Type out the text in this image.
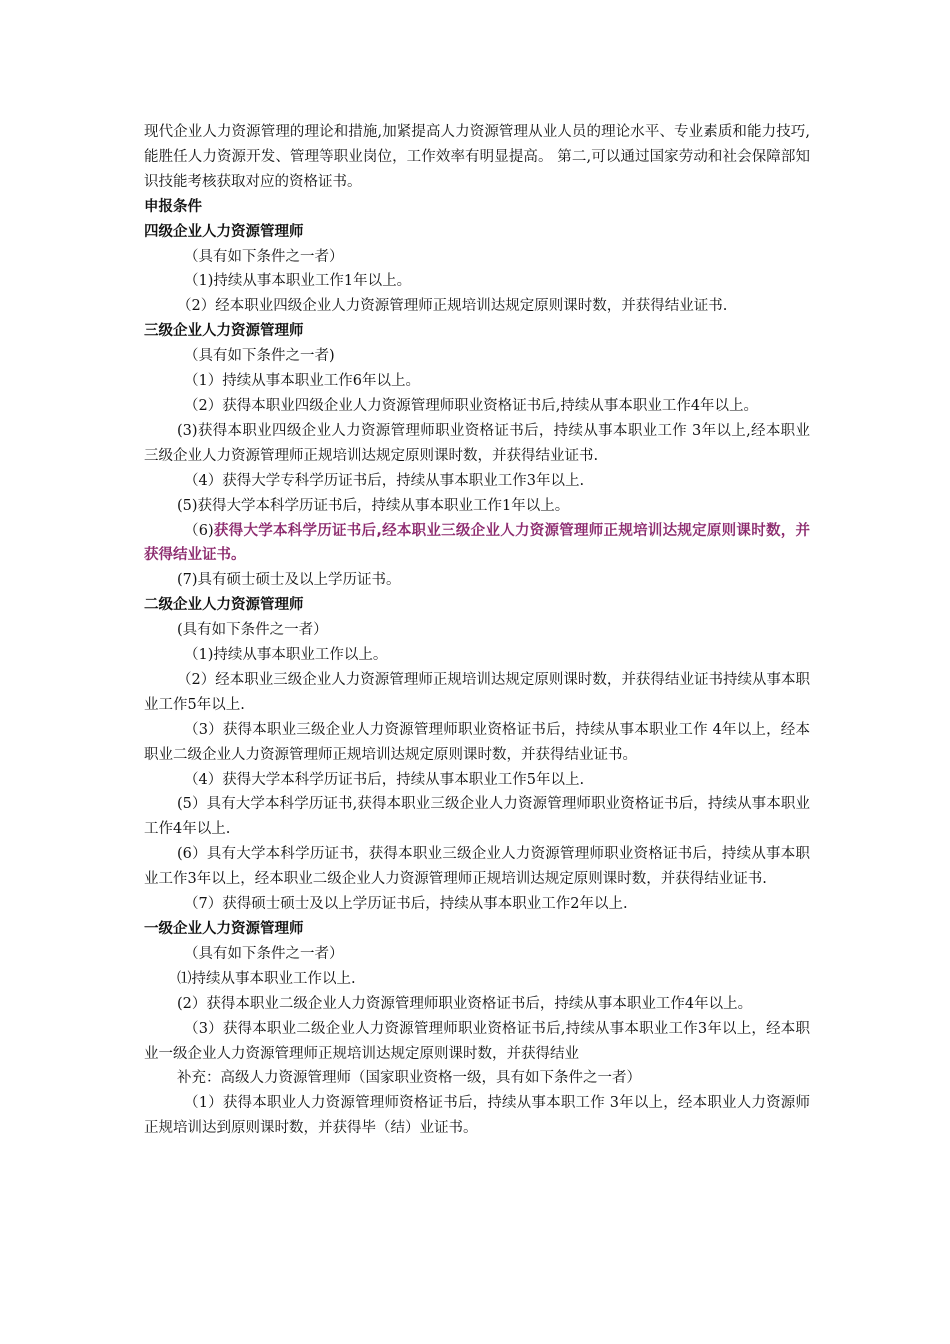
现代企业人力资源管理的理论和措施,加紧提高人力资源管理从业人员的理论水平、专业素质和能力技巧,能胜任人力资源开发、管理等职业岗位，工作效率有明显提高。 第二,可以通过国家劳动和社会保障部知识技能考核获取对应的资格证书。

申报条件

四级企业人力资源管理师

（具有如下条件之一者）

（1)持续从事本职业工作1年以上。

（2）经本职业四级企业人力资源管理师正规培训达规定原则课时数，并获得结业证书.

三级企业人力资源管理师

（具有如下条件之一者)

（1）持续从事本职业工作6年以上。

（2）获得本职业四级企业人力资源管理师职业资格证书后,持续从事本职业工作4年以上。

(3)获得本职业四级企业人力资源管理师职业资格证书后，持续从事本职业工作 3年以上,经本职业三级企业人力资源管理师正规培训达规定原则课时数，并获得结业证书.

（4）获得大学专科学历证书后，持续从事本职业工作3年以上.

(5)获得大学本科学历证书后，持续从事本职业工作1年以上。

（6)获得大学本科学历证书后,经本职业三级企业人力资源管理师正规培训达规定原则课时数，并获得结业证书。

(7)具有硕士硕士及以上学历证书。

二级企业人力资源管理师

(具有如下条件之一者）

（1)持续从事本职业工作以上。

（2）经本职业三级企业人力资源管理师正规培训达规定原则课时数，并获得结业证书持续从事本职业工作5年以上.

（3）获得本职业三级企业人力资源管理师职业资格证书后，持续从事本职业工作 4年以上，经本职业二级企业人力资源管理师正规培训达规定原则课时数，并获得结业证书。

（4）获得大学本科学历证书后，持续从事本职业工作5年以上.

(5）具有大学本科学历证书,获得本职业三级企业人力资源管理师职业资格证书后，持续从事本职业工作4年以上.

(6）具有大学本科学历证书，获得本职业三级企业人力资源管理师职业资格证书后，持续从事本职业工作3年以上，经本职业二级企业人力资源管理师正规培训达规定原则课时数，并获得结业证书.

（7）获得硕士硕士及以上学历证书后，持续从事本职业工作2年以上.

一级企业人力资源管理师

（具有如下条件之一者）

⑴持续从事本职业工作以上.

(2）获得本职业二级企业人力资源管理师职业资格证书后，持续从事本职业工作4年以上。

（3）获得本职业二级企业人力资源管理师职业资格证书后,持续从事本职业工作3年以上，经本职业一级企业人力资源管理师正规培训达规定原则课时数，并获得结业

补充：高级人力资源管理师（国家职业资格一级，具有如下条件之一者）

（1）获得本职业人力资源管理师资格证书后，持续从事本职工作 3年以上，经本职业人力资源师正规培训达到原则课时数，并获得毕（结）业证书。
